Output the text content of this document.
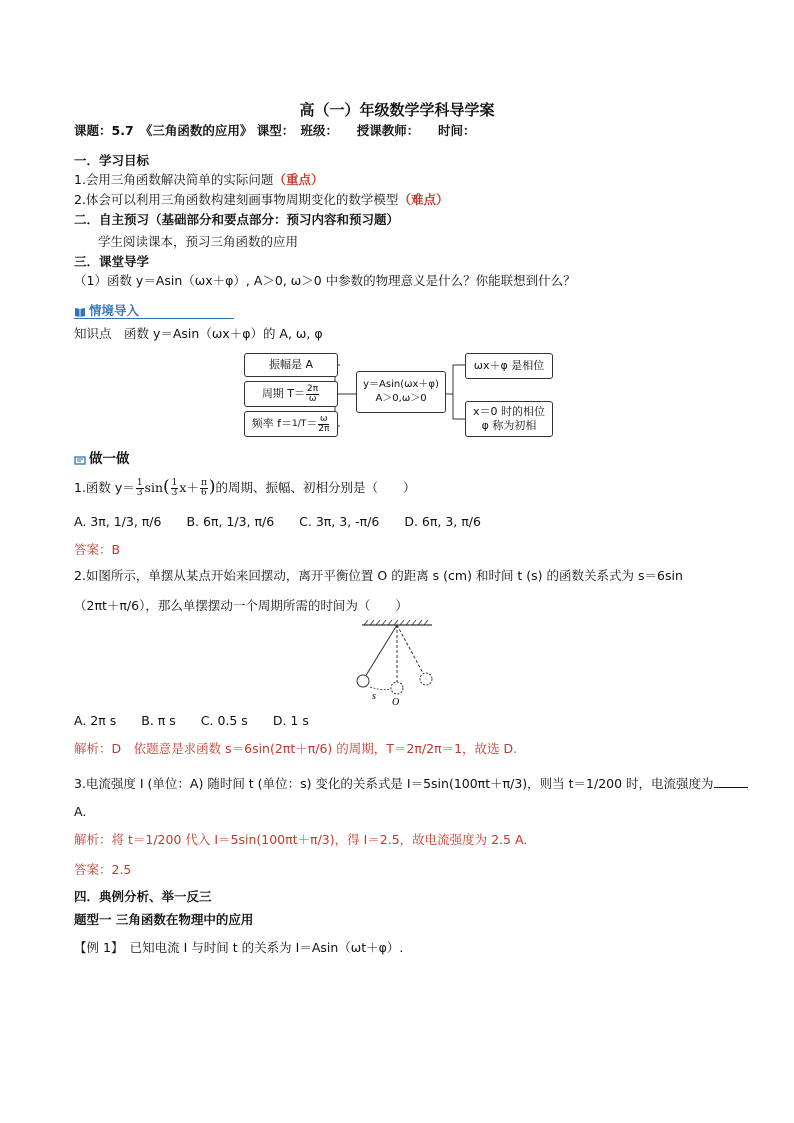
高（一）年级数学学科导学案
课题：5.7　《三角函数的应用》 课型：　班级：　　授课教师：　　时间：
一．学习目标
1.会用三角函数解决简单的实际问题（重点）
2.体会可以利用三角函数构建刻画事物周期变化的数学模型（难点）
二．自主预习（基础部分和要点部分：预习内容和预习题）
学生阅读课本，预习三角函数的应用
三．课堂导学
（1）函数 y＝Asin（ωx＋φ）, A＞0, ω＞0 中参数的物理意义是什么？你能联想到什么？
情境导入
知识点　函数 y＝Asin（ωx＋φ）的 A, ω, φ
振幅是 A
周期 $T= \frac{2\pi}{\omega}$
频率 $f= 1/T = \frac{\omega}{2\pi}$
y＝Asin(ωx＋φ)
A＞0,ω＞0
ωx＋φ 是相位
x＝0 时的相位
φ 称为初相
做一做
1.函数 $y= \frac{1}{3} \sin( \frac{1}{3} x+ \frac{\pi}{6}$ )的周期、振幅、初相分别是（　　）
A. 3π, 1/3, π/6　　B. 6π, 1/3, π/6　　C. 3π, 3, -π/6　　D. 6π, 3, π/6
答案：B
2.如图所示，单摆从某点开始来回摆动，离开平衡位置 O 的距离 s (cm) 和时间 t (s) 的函数关系式为 s＝6sin
（2πt＋π/6），那么单摆摆动一个周期所需的时间为（　　）
s
O
A. 2π s　　B. π s　　C. 0.5 s　　D. 1 s
解析：D　依题意是求函数 s＝6sin(2πt＋π/6) 的周期，T＝2π/2π＝1，故选 D.
3.电流强度 I (单位：A) 随时间 t (单位：s) 变化的关系式是 I＝5sin(100πt＋π/3)，则当 t＝1/200 时，电流强度为
A.
解析：将 t＝1/200 代入 I＝5sin(100πt＋π/3)，得 I＝2.5，故电流强度为 2.5 A.
答案：2.5
四．典例分析、举一反三
题型一 三角函数在物理中的应用
【例 1】　已知电流 I 与时间 t 的关系为 I＝Asin（ωt＋φ）.
